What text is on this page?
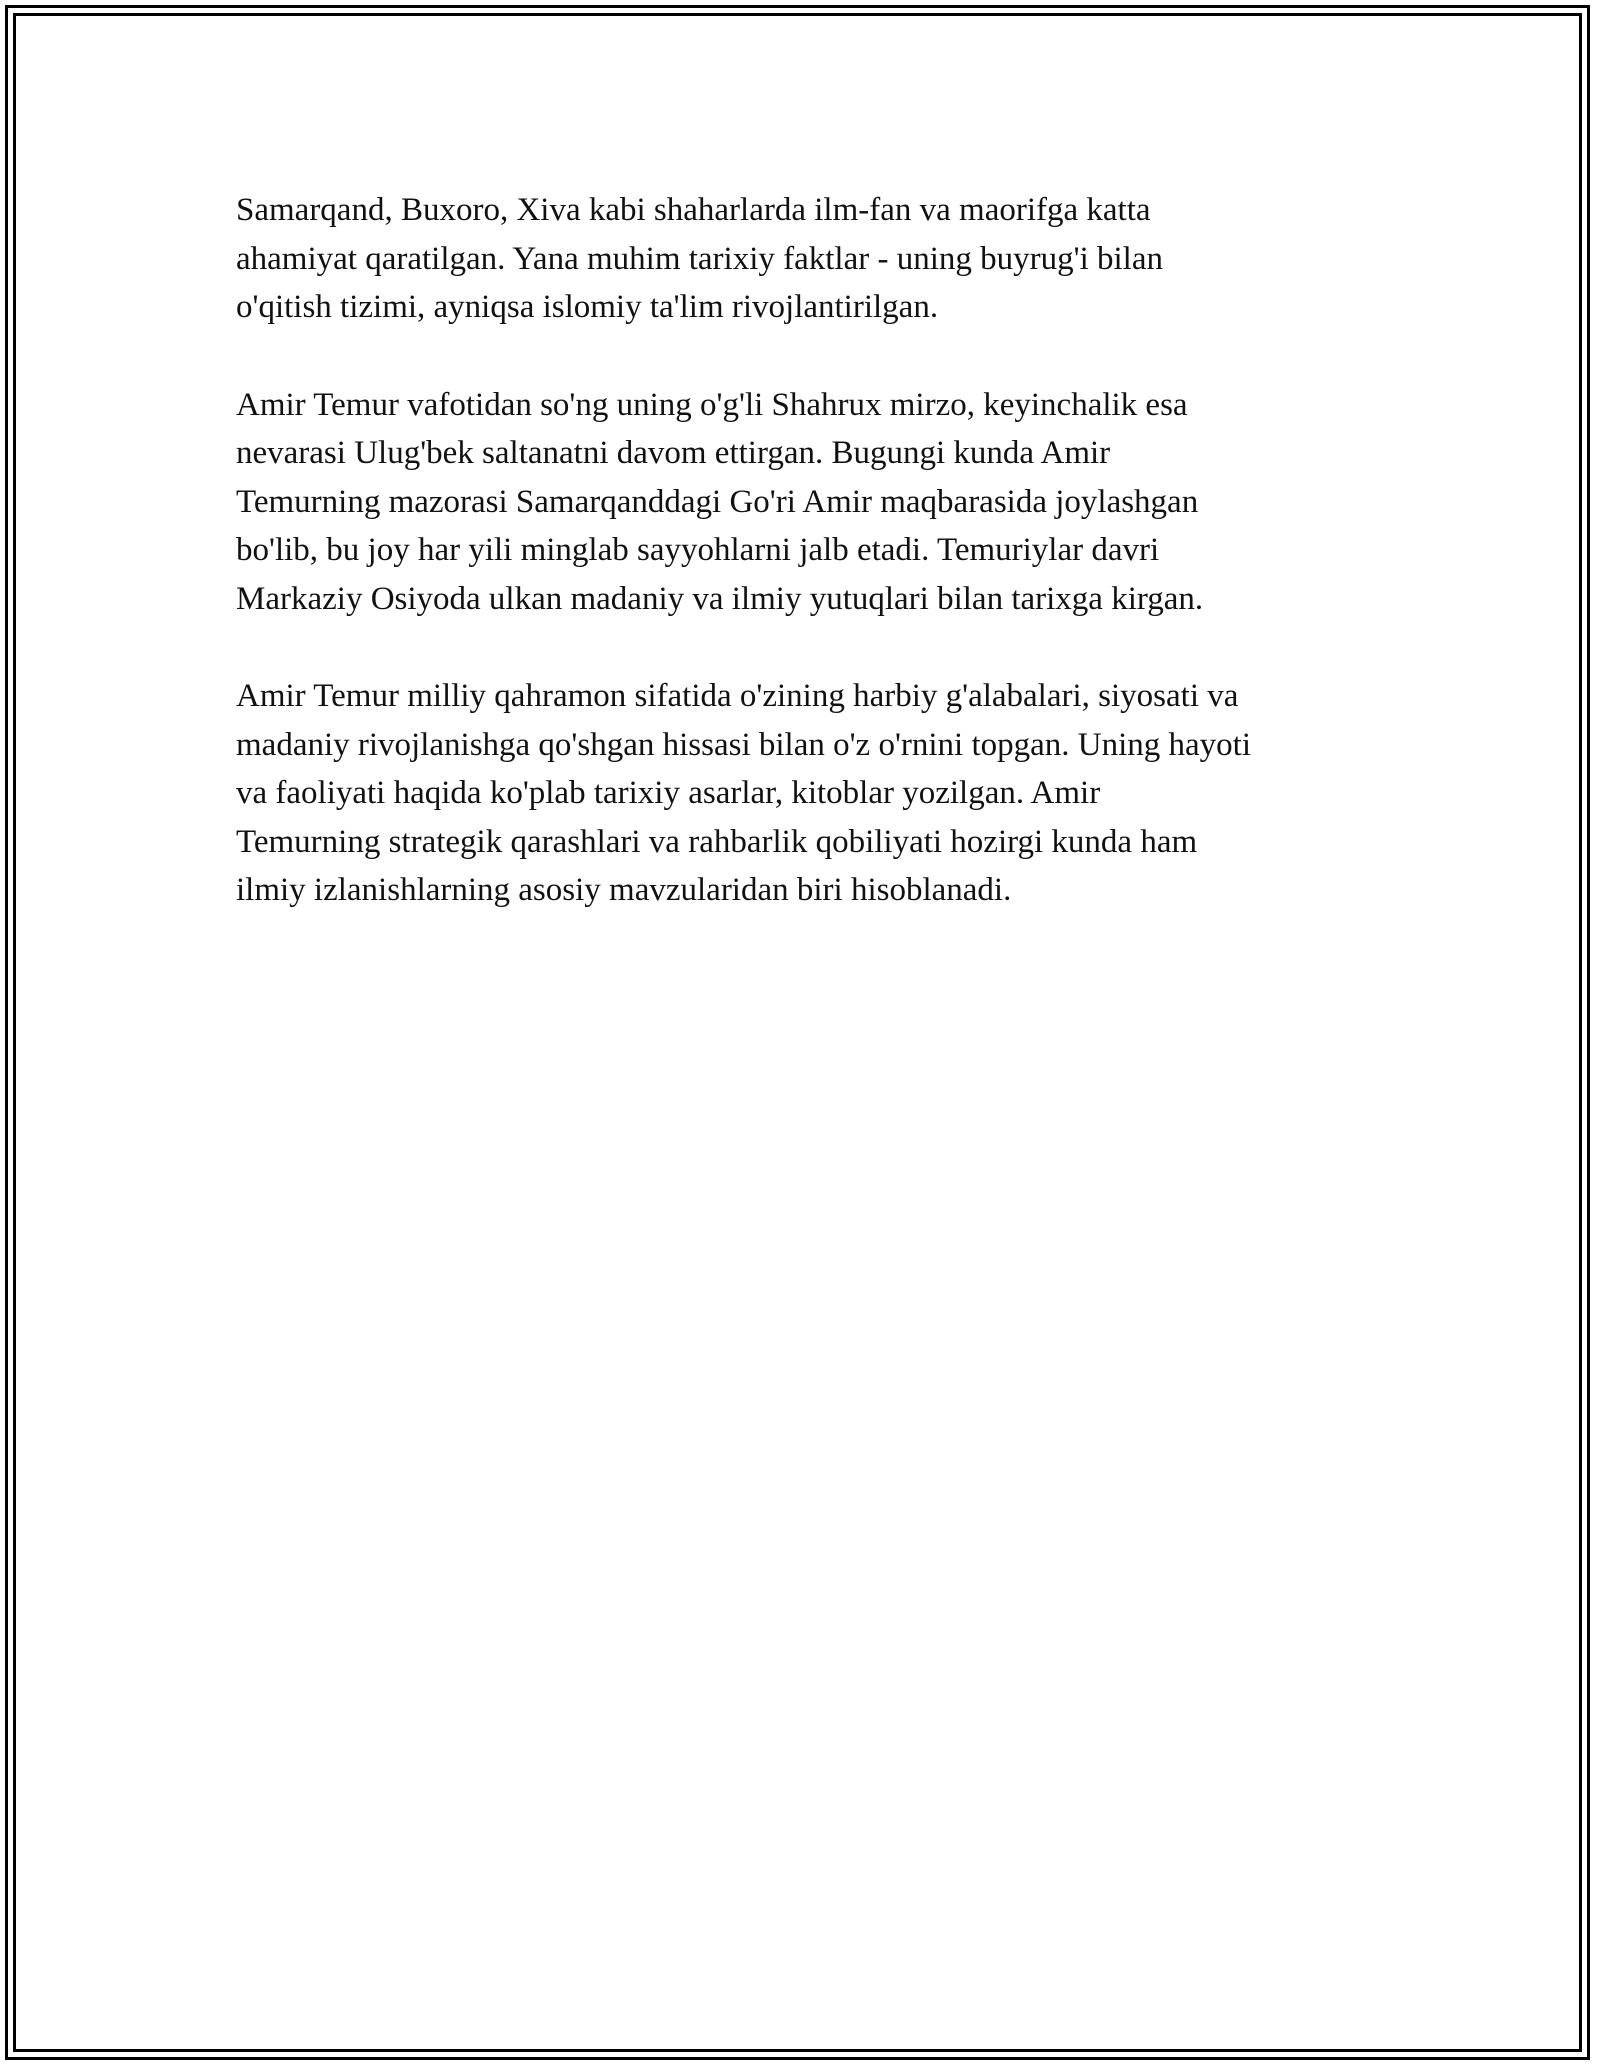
Samarqand, Buxoro, Xiva kabi shaharlarda ilm-fan va maorifga katta
ahamiyat qaratilgan. Yana muhim tarixiy faktlar - uning buyrug'i bilan
o'qitish tizimi, ayniqsa islomiy ta'lim rivojlantirilgan.

Amir Temur vafotidan so'ng uning o'g'li Shahrux mirzo, keyinchalik esa
nevarasi Ulug'bek saltanatni davom ettirgan. Bugungi kunda Amir
Temurning mazorasi Samarqanddagi Go'ri Amir maqbarasida joylashgan
bo'lib, bu joy har yili minglab sayyohlarni jalb etadi. Temuriylar davri
Markaziy Osiyoda ulkan madaniy va ilmiy yutuqlari bilan tarixga kirgan.

Amir Temur milliy qahramon sifatida o'zining harbiy g'alabalari, siyosati va
madaniy rivojlanishga qo'shgan hissasi bilan o'z o'rnini topgan. Uning hayoti
va faoliyati haqida ko'plab tarixiy asarlar, kitoblar yozilgan. Amir
Temurning strategik qarashlari va rahbarlik qobiliyati hozirgi kunda ham
ilmiy izlanishlarning asosiy mavzularidan biri hisoblanadi.
